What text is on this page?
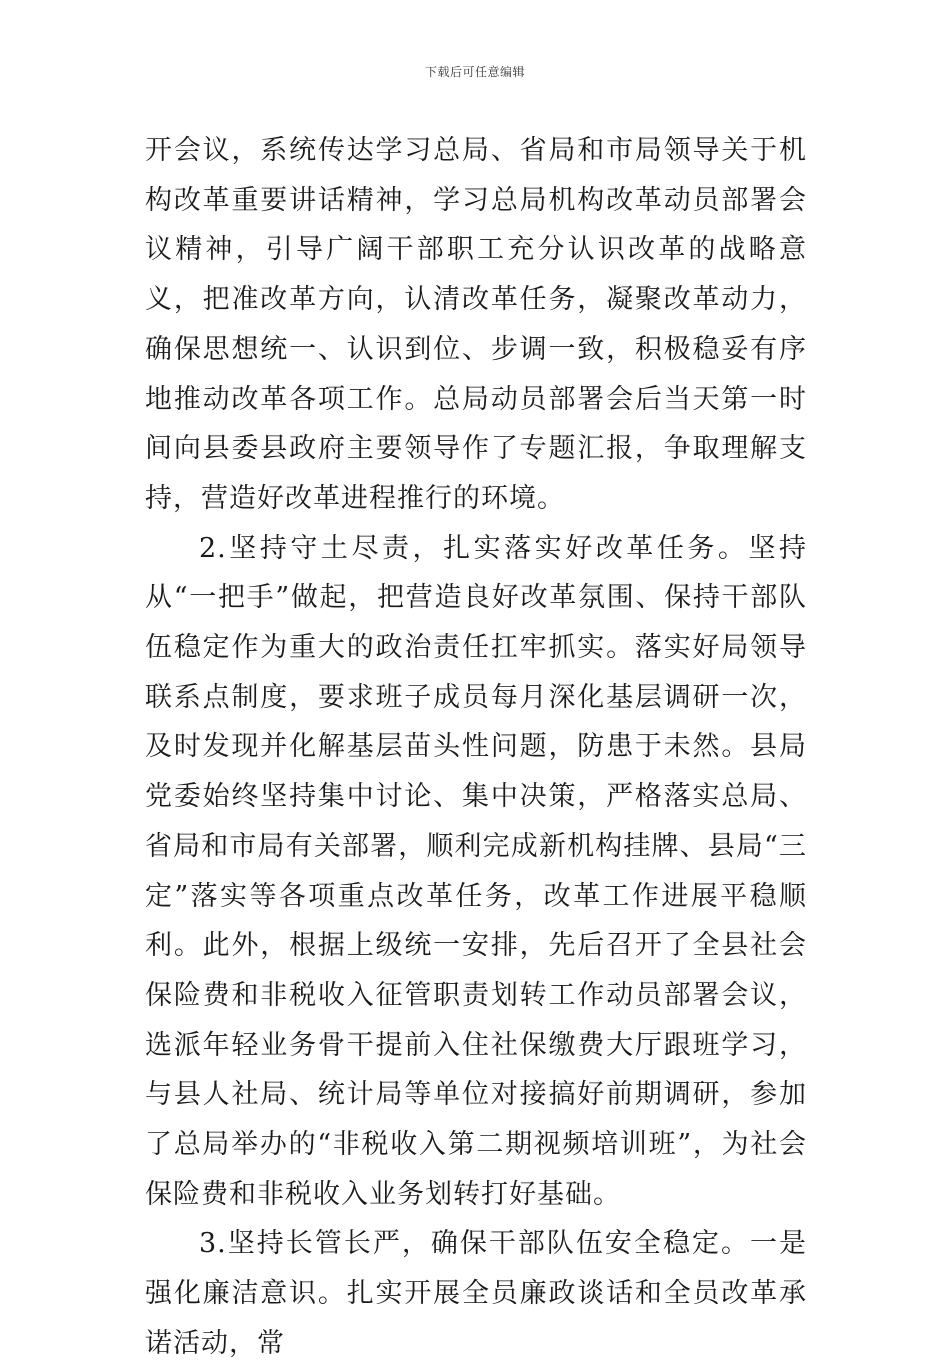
下载后可任意编辑

开会议，系统传达学习总局、省局和市局领导关于机构改革重要讲话精神，学习总局机构改革动员部署会议精神，引导广阔干部职工充分认识改革的战略意义，把准改革方向，认清改革任务，凝聚改革动力，确保思想统一、认识到位、步调一致，积极稳妥有序地推动改革各项工作。总局动员部署会后当天第一时间向县委县政府主要领导作了专题汇报，争取理解支持，营造好改革进程推行的环境。

2.坚持守土尽责，扎实落实好改革任务。坚持从“一把手”做起，把营造良好改革氛围、保持干部队伍稳定作为重大的政治责任扛牢抓实。落实好局领导联系点制度，要求班子成员每月深化基层调研一次，及时发现并化解基层苗头性问题，防患于未然。县局党委始终坚持集中讨论、集中决策，严格落实总局、省局和市局有关部署，顺利完成新机构挂牌、县局“三定”落实等各项重点改革任务，改革工作进展平稳顺利。此外，根据上级统一安排，先后召开了全县社会保险费和非税收入征管职责划转工作动员部署会议，选派年轻业务骨干提前入住社保缴费大厅跟班学习，与县人社局、统计局等单位对接搞好前期调研，参加了总局举办的“非税收入第二期视频培训班”，为社会保险费和非税收入业务划转打好基础。

3.坚持长管长严，确保干部队伍安全稳定。一是强化廉洁意识。扎实开展全员廉政谈话和全员改革承诺活动，常
